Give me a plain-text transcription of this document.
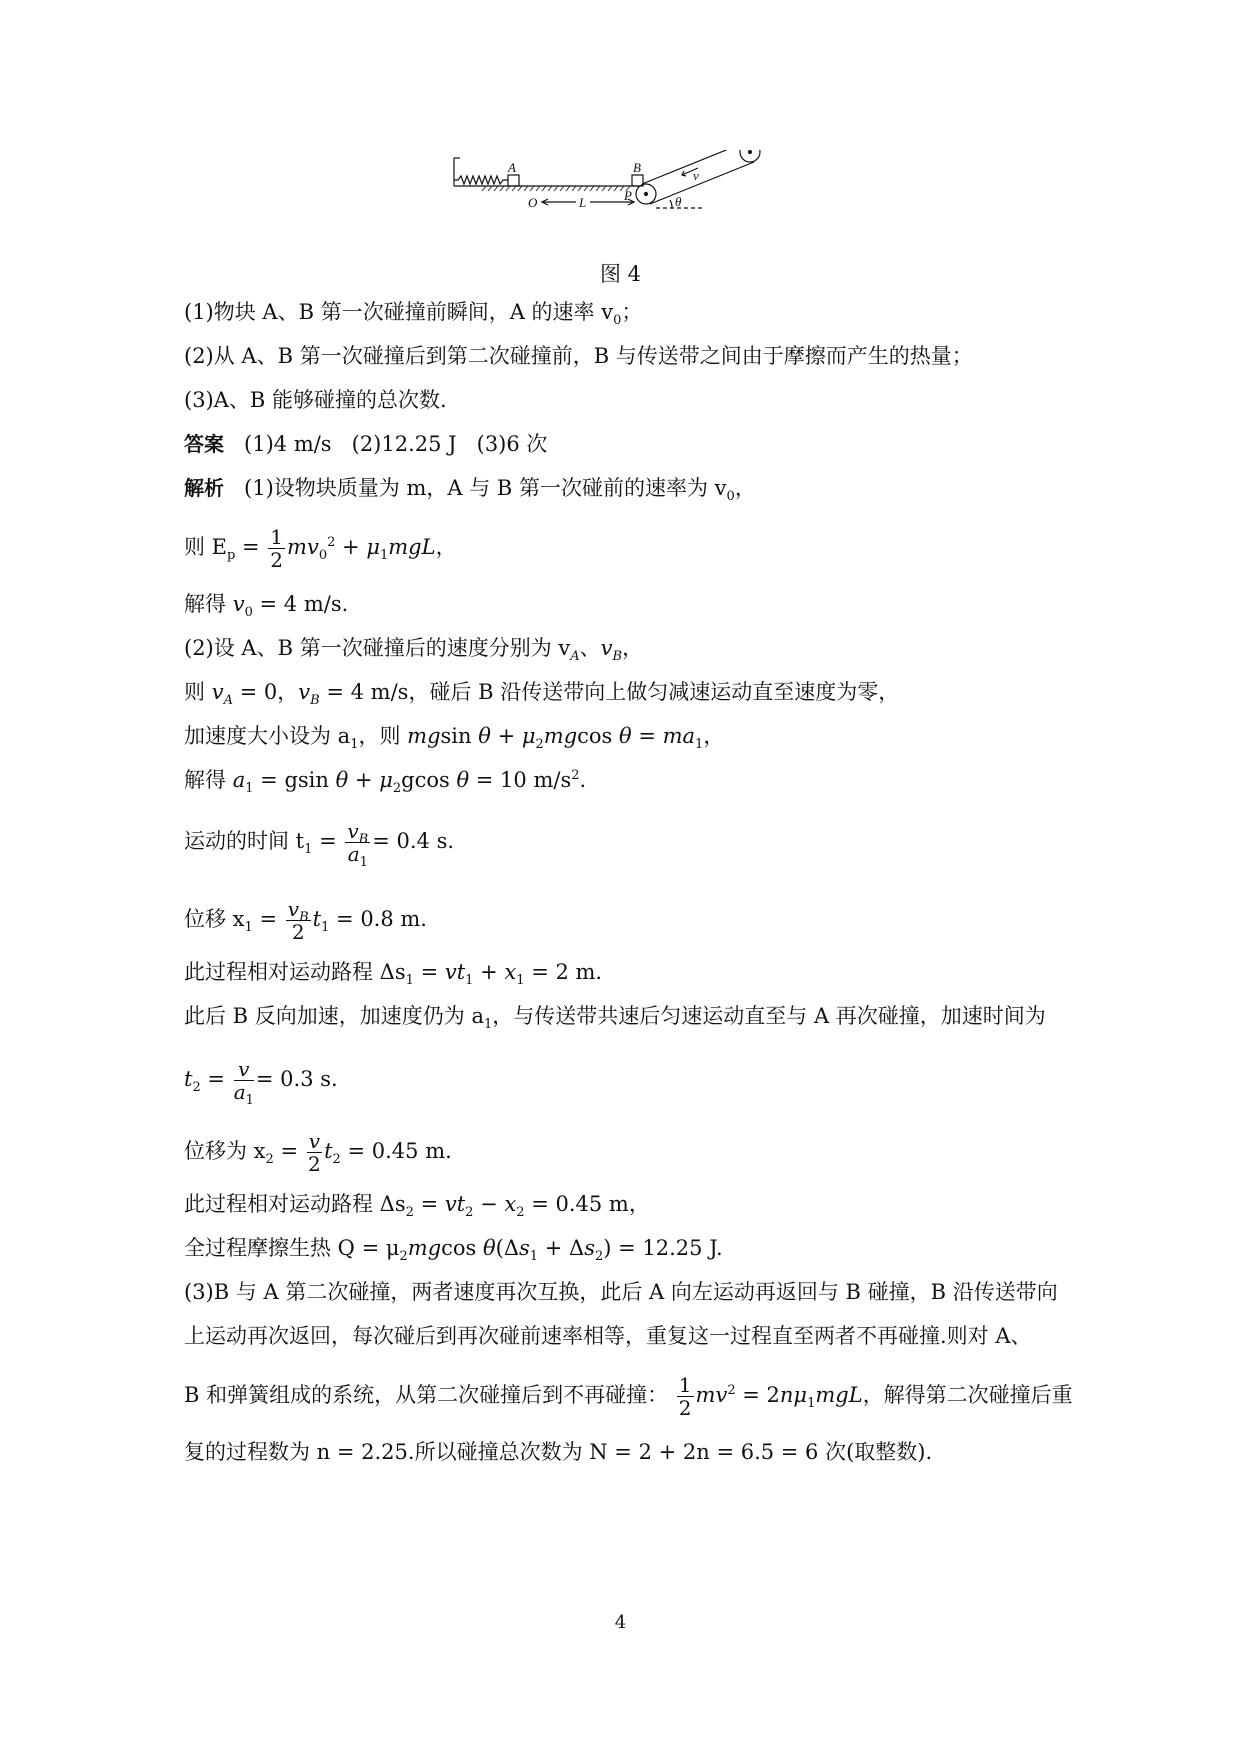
A	B
O	L	P
v
θ
图 4
(1)物块 A、B 第一次碰撞前瞬间，A 的速率 $v_0$；
(2)从 A、B 第一次碰撞后到第二次碰撞前，B 与传送带之间由于摩擦而产生的热量；
(3)A、B 能够碰撞的总次数.
答案 (1)4 m/s (2)12.25 J (3)6 次
解析 (1)设物块质量为 m，A 与 B 第一次碰前的速率为 $v_0$，
则 $E_p = \frac{1}{2} mv_0^2 + \mu_1mgL$，
解得 $v_0 = 4$ m/s.
(2)设 A、B 第一次碰撞后的速度分别为 $v_A$、$v_B$，
则 $v_A = 0$，$v_B = 4$ m/s，碰后 B 沿传送带向上做匀减速运动直至速度为零，
加速度大小设为 $a_1$，则 mgsin $\theta + \mu_2mgcos$ $\theta = ma_1$，
解得 $a_1 = gsin$ $\theta + \mu_2gcos$ θ = 10 $m/s^2$.
运动的时间 $t_1 = \frac{v_B}{a_1} = 0.4$ s.
位移 $x_1 = \frac{v_B}{2} t_1 = 0.8$ m.
此过程相对运动路程 $\Delta s_1 = vt_1 + x_1 = 2$ m.
此后 B 反向加速，加速度仍为 $a_1$，与传送带共速后匀速运动直至与 A 再次碰撞，加速时间为
$t_2 = \frac{v}{a_1} = 0.3$ s.
位移为 $x_2 = \frac{v}{2} t_2 = 0.45$ m.
此过程相对运动路程 $\Delta s_2 = vt_2 - x_2 = 0.45$ m，
全过程摩擦生热 $Q = \mu_2mgcos$ $\theta(\Delta s_1 + \Delta s_2) = 12.25$ J.
(3)B 与 A 第二次碰撞，两者速度再次互换，此后 A 向左运动再返回与 B 碰撞，B 沿传送带向
上运动再次返回，每次碰后到再次碰前速率相等，重复这一过程直至两者不再碰撞.则对 A、
B 和弹簧组成的系统，从第二次碰撞后到不再碰撞： $\frac{1}{2} mv^2 = 2n\mu_1mgL$，解得第二次碰撞后重
复的过程数为 n = 2.25.所以碰撞总次数为 N = 2 + 2n = 6.5 = 6 次(取整数).
4
